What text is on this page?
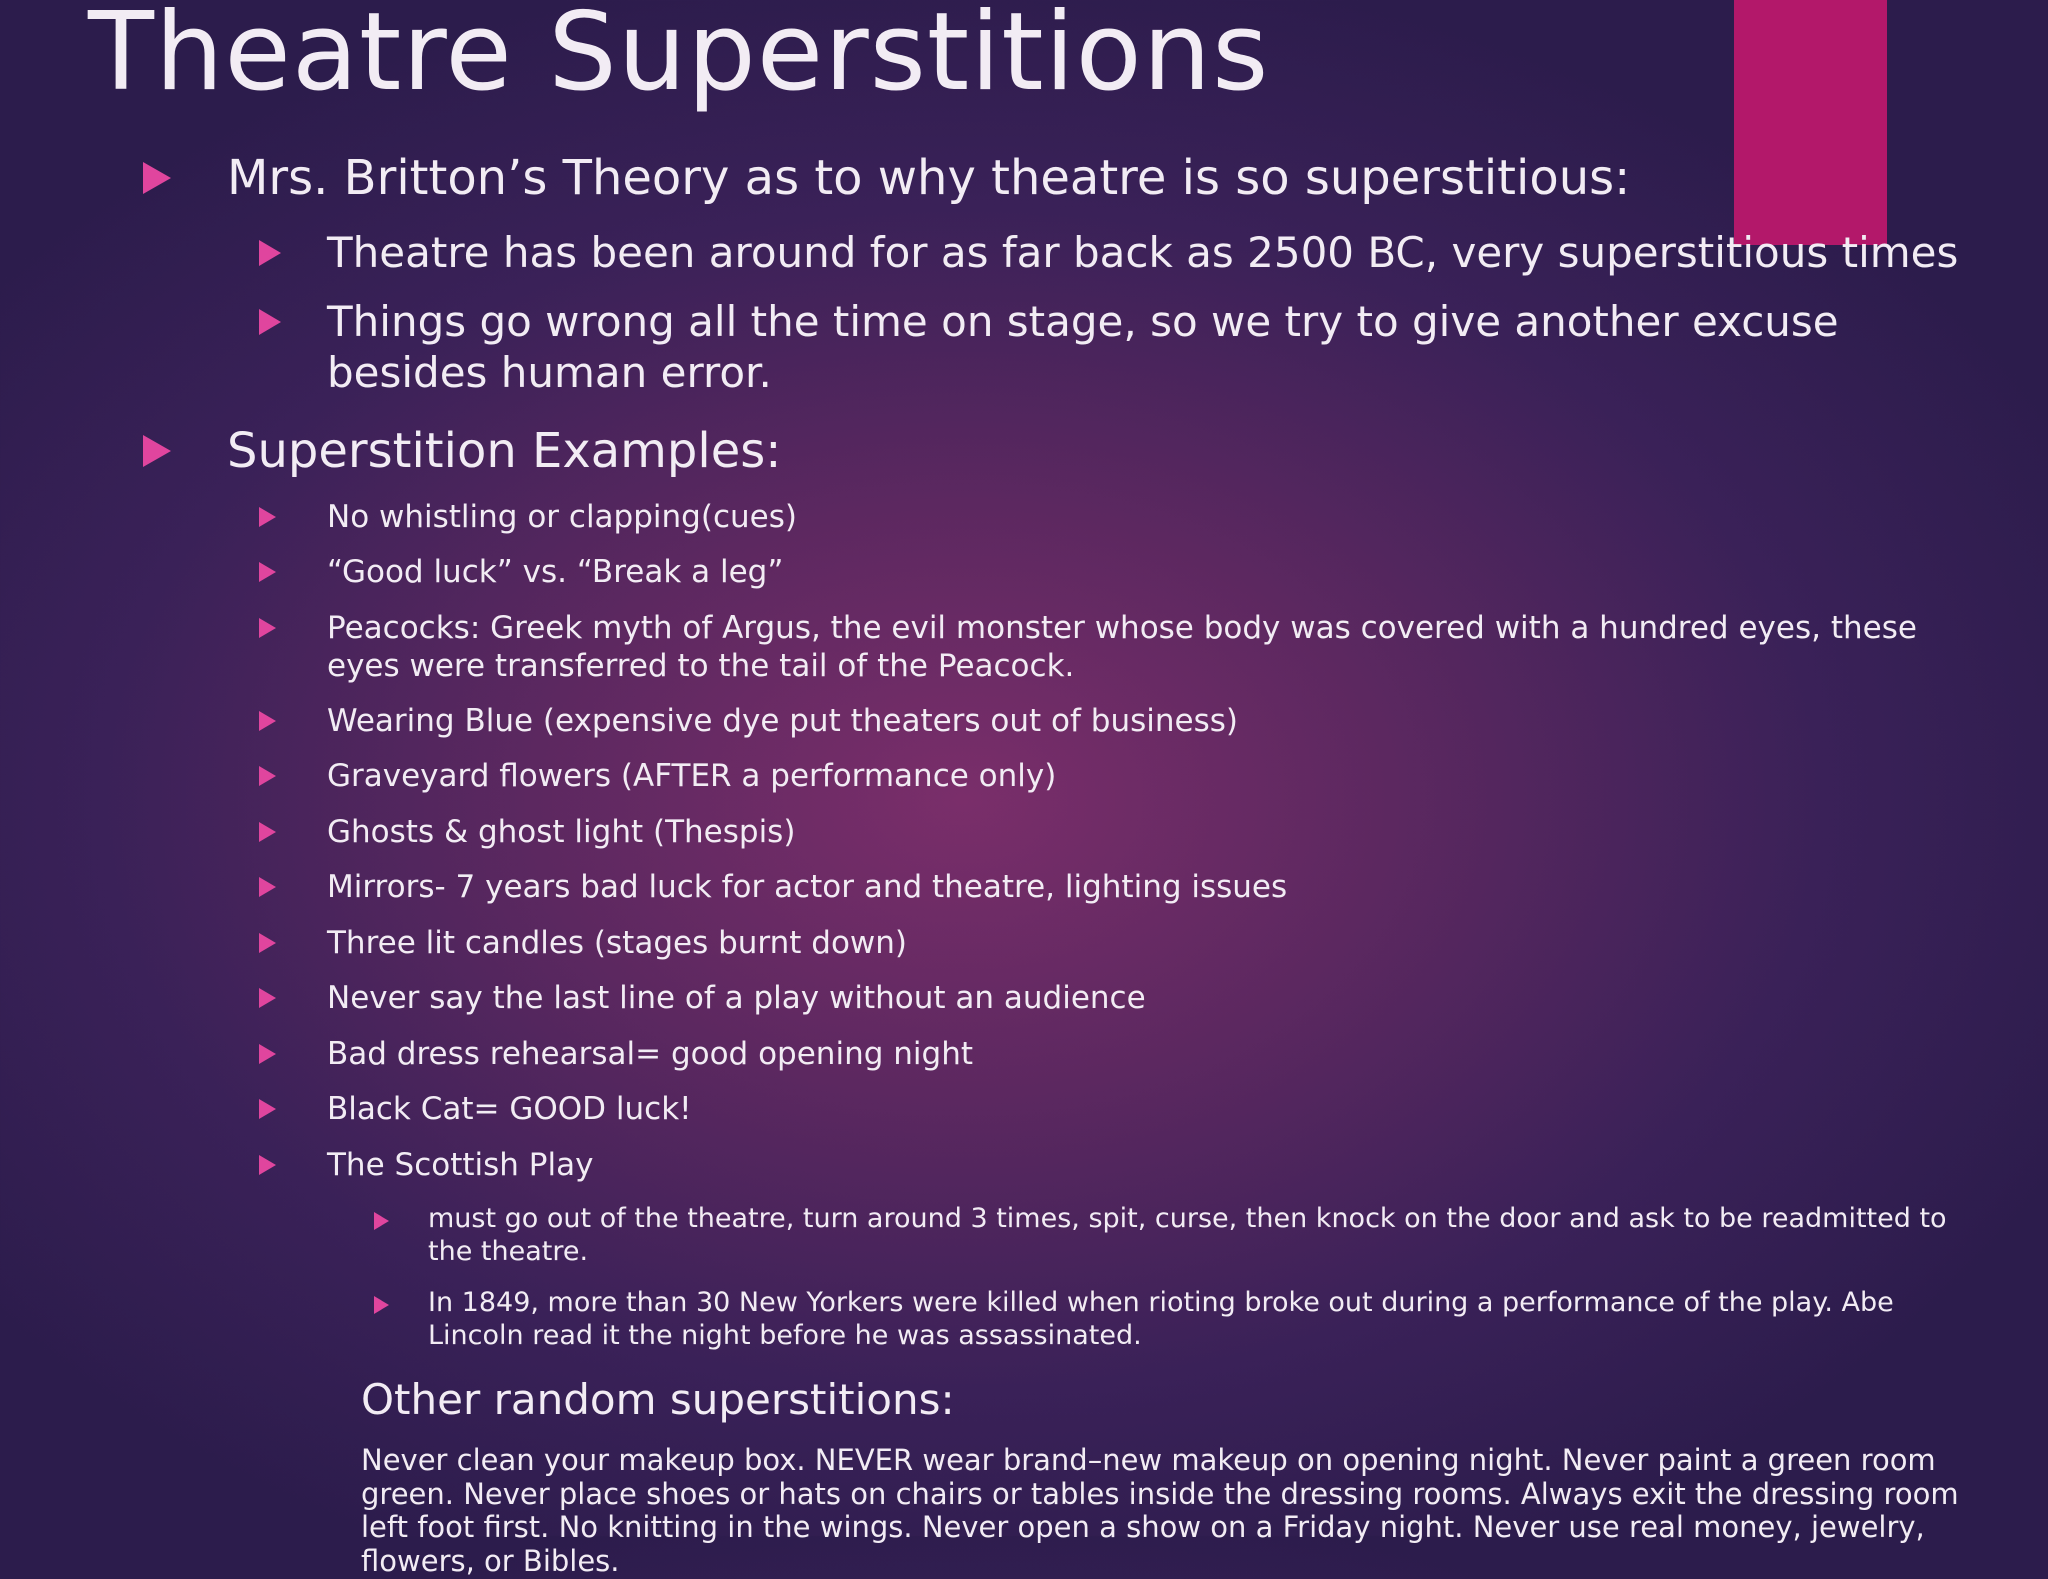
Theatre Superstitions
Mrs. Britton’s Theory as to why theatre is so superstitious:
Theatre has been around for as far back as 2500 BC, very superstitious times
Things go wrong all the time on stage, so we try to give another excuse besides human error.
Superstition Examples:
No whistling or clapping(cues)
“Good luck” vs. “Break a leg”
Peacocks: Greek myth of Argus, the evil monster whose body was covered with a hundred eyes, these eyes were transferred to the tail of the Peacock.
Wearing Blue (expensive dye put theaters out of business)
Graveyard flowers (AFTER a performance only)
Ghosts & ghost light (Thespis)
Mirrors- 7 years bad luck for actor and theatre, lighting issues
Three lit candles (stages burnt down)
Never say the last line of a play without an audience
Bad dress rehearsal= good opening night
Black Cat= GOOD luck!
The Scottish Play
must go out of the theatre, turn around 3 times, spit, curse, then knock on the door and ask to be readmitted to the theatre.
In 1849, more than 30 New Yorkers were killed when rioting broke out during a performance of the play. Abe Lincoln read it the night before he was assassinated.
Other random superstitions:
Never clean your makeup box. NEVER wear brand–new makeup on opening night. Never paint a green room green. Never place shoes or hats on chairs or tables inside the dressing rooms. Always exit the dressing room left foot first. No knitting in the wings. Never open a show on a Friday night. Never use real money, jewelry, flowers, or Bibles.
